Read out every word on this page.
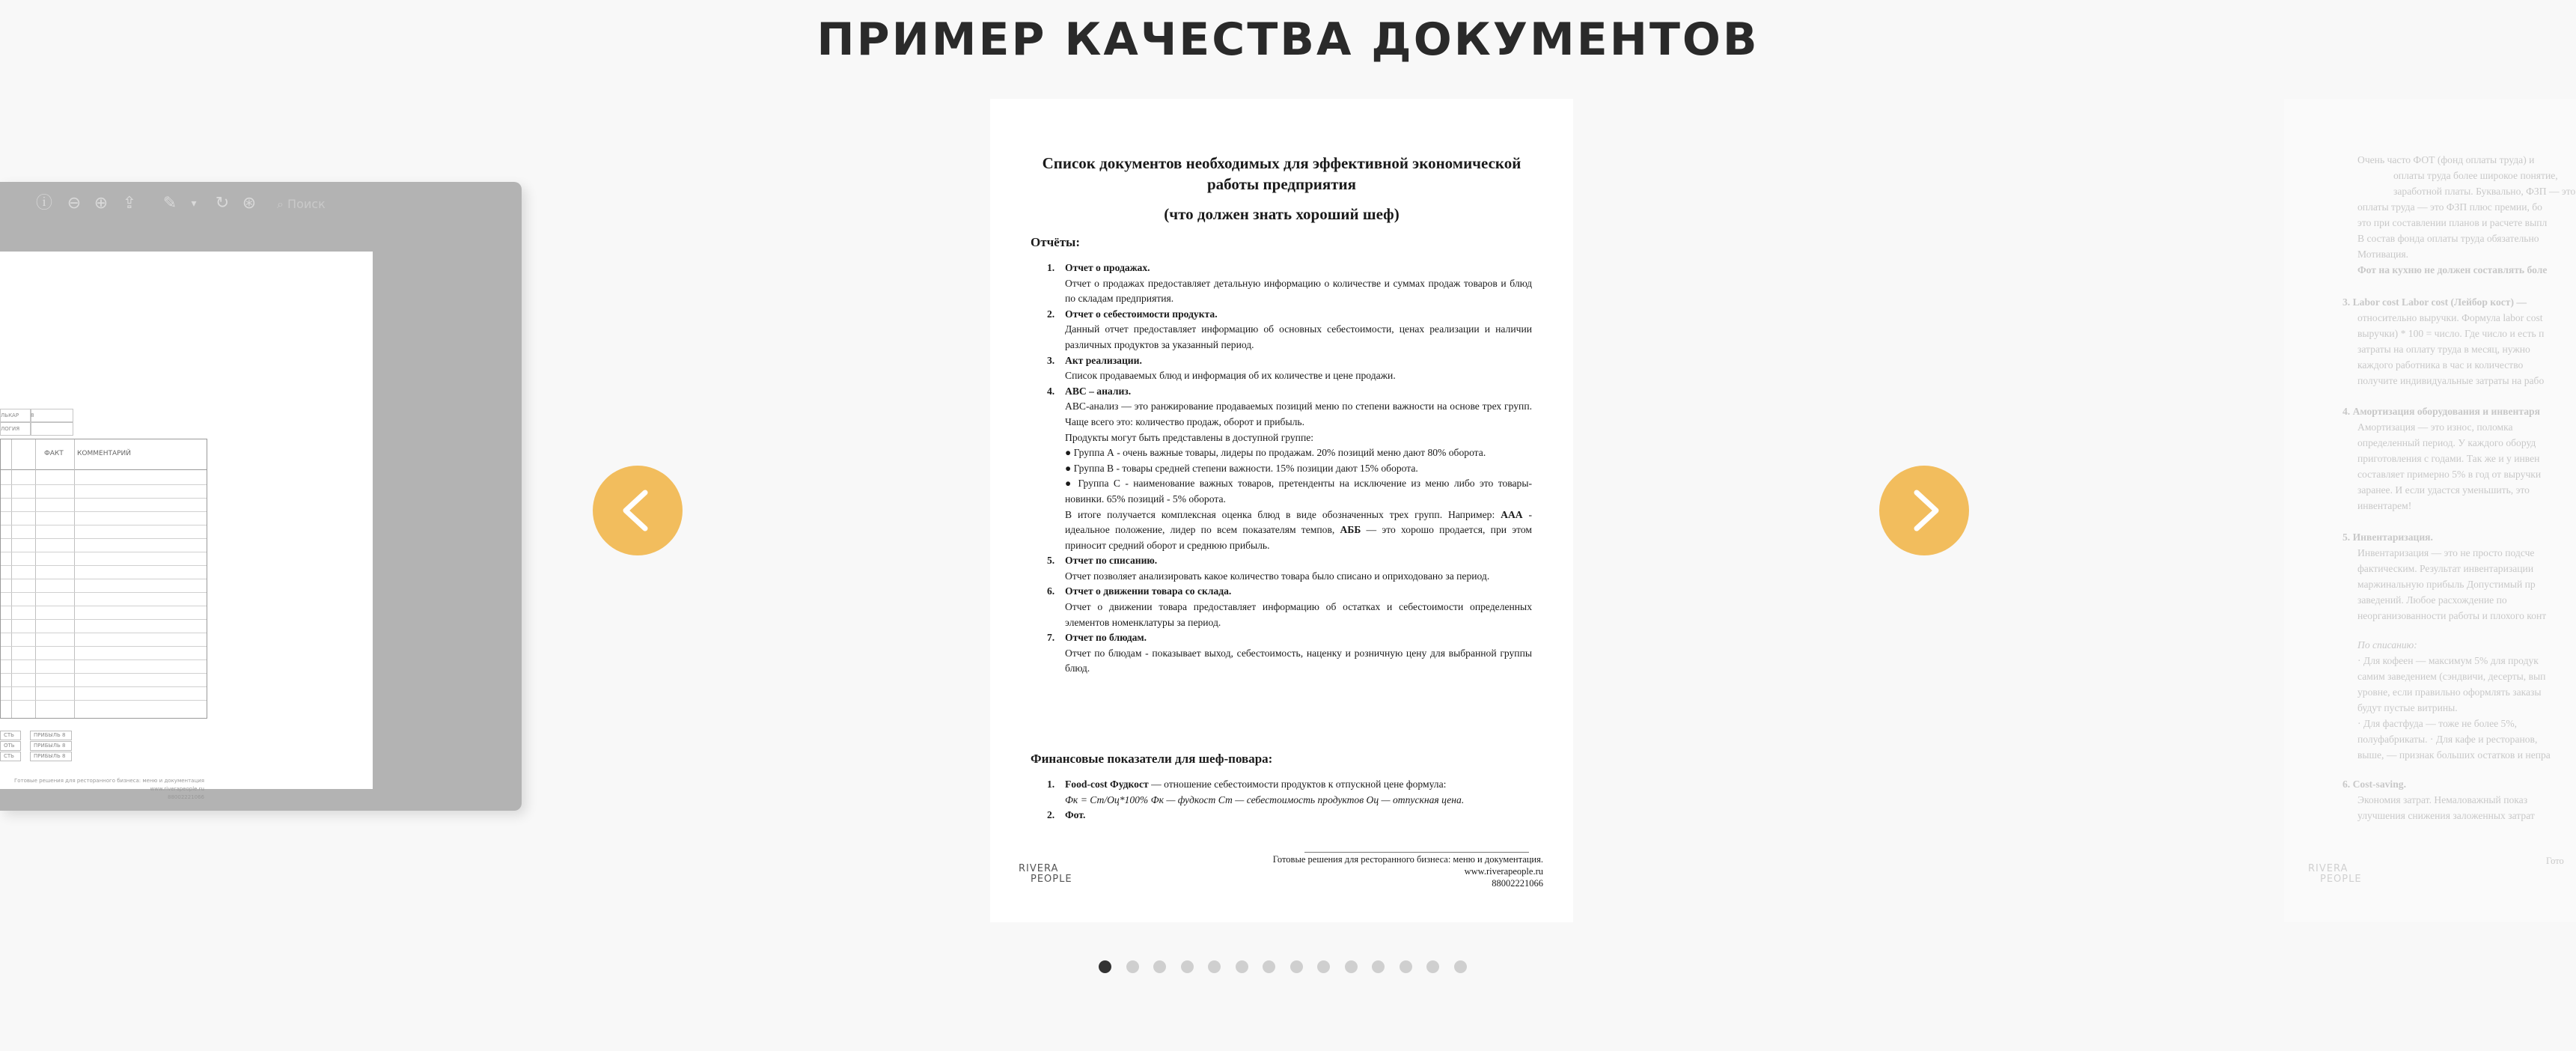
ПРИМЕР КАЧЕСТВА ДОКУМЕНТОВ
ⓘ ⊖ ⊕ ⇪ ✎	▾	↻ ⊛	⌕ Поиск
ЛЬКАР	8
ЛОГИЯ
ФАКТ КОММЕНТАРИЙ
СТЬ	ПРИБЫЛЬ 8
ОТЬ	ПРИБЫЛЬ 8
СТЬ	ПРИБЫЛЬ 8
Готовые решения для ресторанного бизнеса: меню и документация
www.riverapeople.ru
88002221066
Список документов необходимых для эффективной экономической работы предприятия
(что должен знать хороший шеф)
Отчёты:
1. Отчет о продажах.

Отчет о продажах предоставляет детальную информацию о количестве и суммах продаж товаров и блюд по складам предприятия.

2. Отчет о себестоимости продукта.

Данный отчет предоставляет информацию об основных себестоимости, ценах реализации и наличии различных продуктов за указанный период.

3. Акт реализации.

Список продаваемых блюд и информация об их количестве и цене продажи.

4. ABC – анализ.

ABC-анализ — это ранжирование продаваемых позиций меню по степени важности на основе трех групп. Чаще всего это: количество продаж, оборот и прибыль.

Продукты могут быть представлены в доступной группе:

● Группа А - очень важные товары, лидеры по продажам. 20% позиций меню дают 80% оборота.

● Группа B - товары средней степени важности. 15% позиции дают 15% оборота.

● Группа С - наименование важных товаров, претенденты на исключение из меню либо это товары-новинки. 65% позиций - 5% оборота.

В итоге получается комплексная оценка блюд в виде обозначенных трех групп. Например: ААА - идеальное положение, лидер по всем показателям темпов, АББ — это хорошо продается, при этом приносит средний оборот и среднюю прибыль.

5. Отчет по списанию.

Отчет позволяет анализировать какое количество товара было списано и оприходовано за период.

6. Отчет о движении товара со склада.

Отчет о движении товара предоставляет информацию об остатках и себестоимости определенных элементов номенклатуры за период.

7. Отчет по блюдам.

Отчет по блюдам - показывает выход, себестоимость, наценку и розничную цену для выбранной группы блюд.

Финансовые показатели для шеф-повара:
1. Food-cost Фудкост — отношение себестоимости продуктов к отпускной цене формула:

Фк = Ст/Оц*100% Фк — фудкост Ст — себестоимость продуктов Оц — отпускная цена.

2. Фот.

Готовые решения для ресторанного бизнеса: меню и документация.
www.riverapeople.ru
88002221066
RIVERA
PEOPLE
Очень часто ФОТ (фонд оплаты труда) и
оплаты труда более широкое понятие,
заработной платы. Буквально, ФЗП — это
оплаты труда — это ФЗП плюс премии, бо
это при составлении планов и расчете выпл
В состав фонда оплаты труда обязательно
Мотивация.
Фот на кухню не должен составлять боле
3. Labor cost Labor cost (Лейбор кост) —
относительно выручки. Формула labor cost
выручки) * 100 = число. Где число и есть п
затраты на оплату труда в месяц, нужно
каждого работника в час и количество
получите индивидуальные затраты на рабо
4. Амортизация оборудования и инвентаря
Амортизация — это износ, поломка
определенный период. У каждого оборуд
приготовления с годами. Так же и у инвен
составляет примерно 5% в год от выручки
заранее. И если удастся уменьшить, это
инвентарем!
5. Инвентаризация.
Инвентаризация — это не просто подсче
фактическим. Результат инвентаризации
маржинальную прибыль Допустимый пр
заведений. Любое расхождение по
неорганизованности работы и плохого конт
По списанию:
· Для кофеен — максимум 5% для продук
самим заведением (сэндвичи, десерты, вып
уровне, если правильно оформлять заказы
будут пустые витрины.
· Для фастфуда — тоже не более 5%,
полуфабрикаты. · Для кафе и ресторанов,
выше, — признак больших остатков и непра
6. Cost-saving.
Экономия затрат. Немаловажный показ
улучшения снижения заложенных затрат
Гото
RIVERA
PEOPLE
